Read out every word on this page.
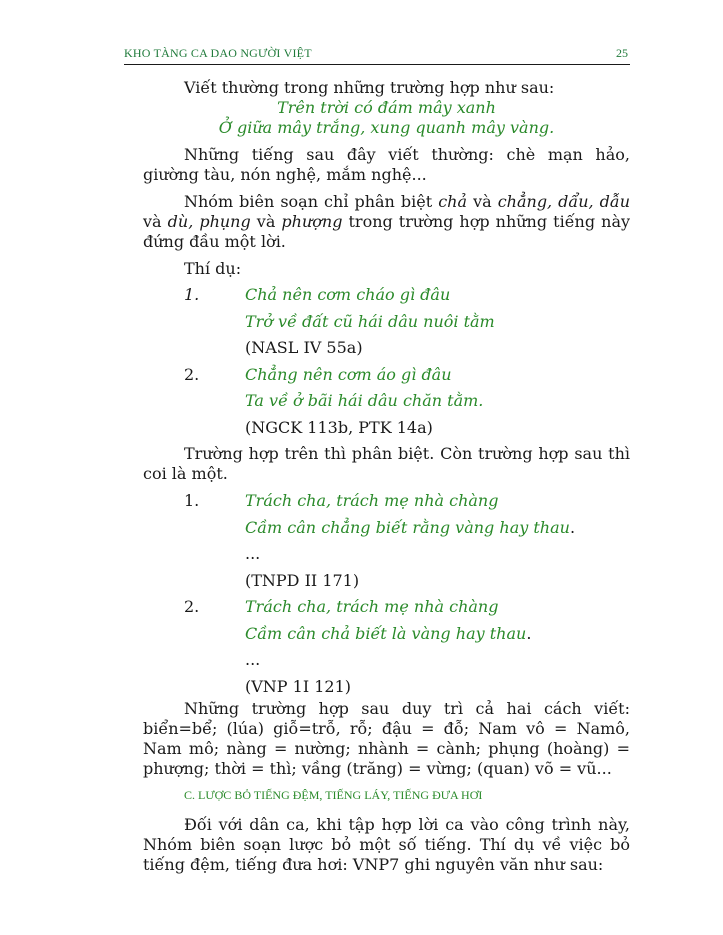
KHO TÀNG CA DAO NGƯỜI VIỆT	25

Viết thường trong những trường hợp như sau:

Trên trời có đám mây xanh

Ở giữa mây trắng, xung quanh mây vàng.

Những tiếng sau đây viết thường: chè mạn hảo, giường tàu, nón nghệ, mắm nghệ...

Nhóm biên soạn chỉ phân biệt chả và chẳng, dẩu, dẫu và dù, phụng và phượng trong trường hợp những tiếng này đứng đầu một lời.

Thí dụ:

1.	Chả nên cơm cháo gì đâu
Trở về đất cũ hái dâu nuôi tằm
(NASL IV 55a)
2.	Chẳng nên cơm áo gì đâu
Ta về ở bãi hái dâu chăn tằm.
(NGCK 113b, PTK 14a)

Trường hợp trên thì phân biệt. Còn trường hợp sau thì coi là một.

1.	Trách cha, trách mẹ nhà chàng
Cầm cân chẳng biết rằng vàng hay thau.
...
(TNPD II 171)
2.	Trách cha, trách mẹ nhà chàng
Cầm cân chả biết là vàng hay thau.
...
(VNP 1I 121)

Những trường hợp sau duy trì cả hai cách viết: biển=bể; (lúa) giỗ=trỗ, rỗ; đậu = đỗ; Nam vô = Namô, Nam mô; nàng = nường; nhành = cành; phụng (hoàng) = phượng; thời = thì; vầng (trăng) = vừng; (quan) võ = vũ...

C. LƯỢC BỎ TIẾNG ĐỆM, TIẾNG LÁY, TIẾNG ĐƯA HƠI

Đối với dân ca, khi tập hợp lời ca vào công trình này, Nhóm biên soạn lược bỏ một số tiếng. Thí dụ về việc bỏ tiếng đệm, tiếng đưa hơi: VNP7 ghi nguyên văn như sau:
